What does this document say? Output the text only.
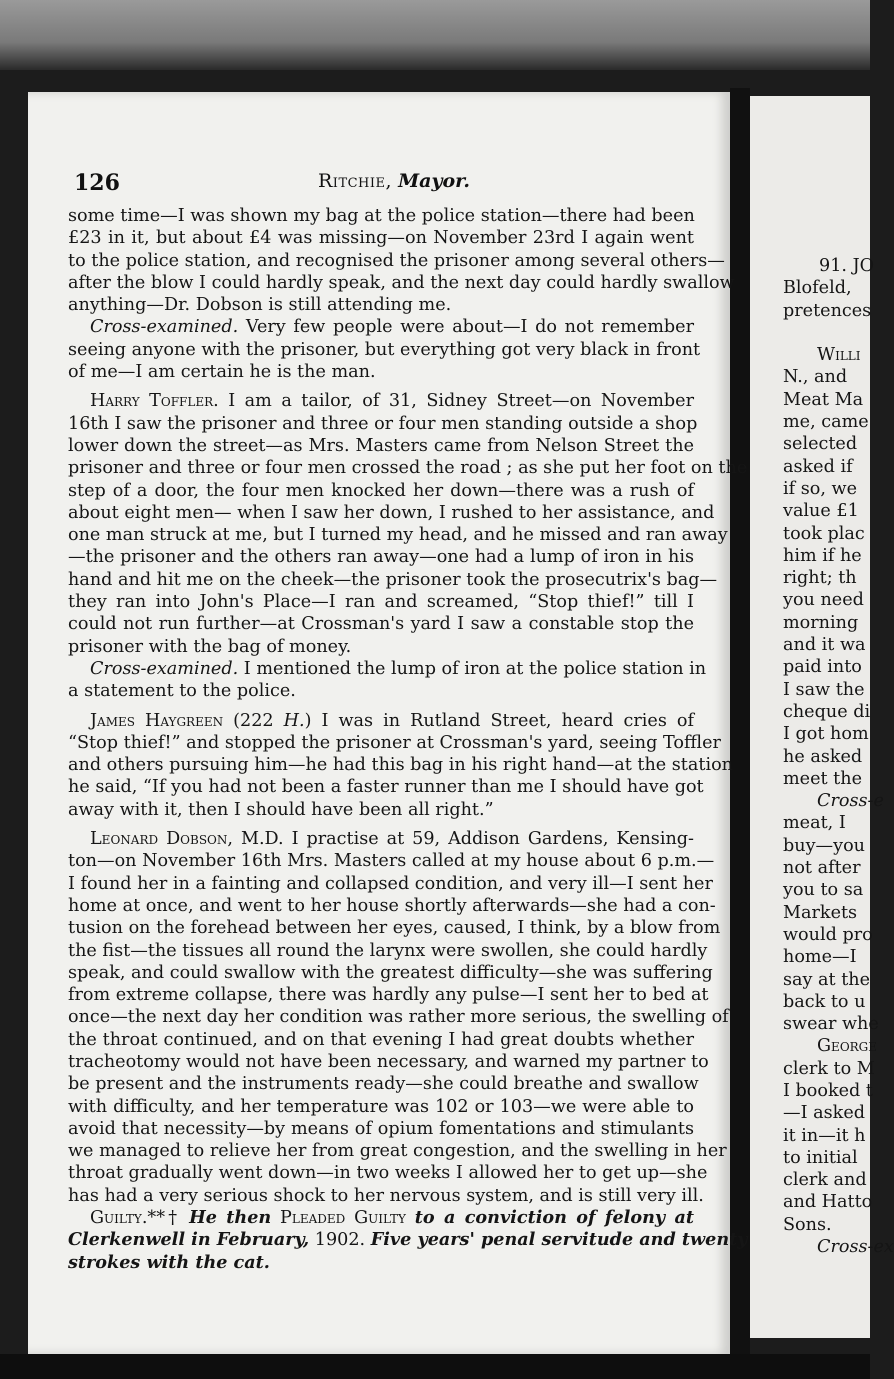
126	Ritchie, Mayor.
some time—I was shown my bag at the police station—there had been
£23 in it, but about £4 was missing—on November 23rd I again went
to the police station, and recognised the prisoner among several others—
after the blow I could hardly speak, and the next day could hardly swallow
anything—Dr. Dobson is still attending me.
Cross-examined. Very few people were about—I do not remember
seeing anyone with the prisoner, but everything got very black in front
of me—I am certain he is the man.
Harry Toffler. I am a tailor, of 31, Sidney Street—on November
16th I saw the prisoner and three or four men standing outside a shop
lower down the street—as Mrs. Masters came from Nelson Street the
prisoner and three or four men crossed the road ; as she put her foot on the
step of a door, the four men knocked her down—there was a rush of
about eight men— when I saw her down, I rushed to her assistance, and
one man struck at me, but I turned my head, and he missed and ran away
—the prisoner and the others ran away—one had a lump of iron in his
hand and hit me on the cheek—the prisoner took the prosecutrix's bag—
they ran into John's Place—I ran and screamed, “Stop thief!” till I
could not run further—at Crossman's yard I saw a constable stop the
prisoner with the bag of money.
Cross-examined. I mentioned the lump of iron at the police station in
a statement to the police.
James Haygreen (222 H.) I was in Rutland Street, heard cries of
“Stop thief!” and stopped the prisoner at Crossman's yard, seeing Toffler
and others pursuing him—he had this bag in his right hand—at the station
he said, “If you had not been a faster runner than me I should have got
away with it, then I should have been all right.”
Leonard Dobson, M.D. I practise at 59, Addison Gardens, Kensing-
ton—on November 16th Mrs. Masters called at my house about 6 p.m.—
I found her in a fainting and collapsed condition, and very ill—I sent her
home at once, and went to her house shortly afterwards—she had a con-
tusion on the forehead between her eyes, caused, I think, by a blow from
the fist—the tissues all round the larynx were swollen, she could hardly
speak, and could swallow with the greatest difficulty—she was suffering
from extreme collapse, there was hardly any pulse—I sent her to bed at
once—the next day her condition was rather more serious, the swelling of
the throat continued, and on that evening I had great doubts whether
tracheotomy would not have been necessary, and warned my partner to
be present and the instruments ready—she could breathe and swallow
with difficulty, and her temperature was 102 or 103—we were able to
avoid that necessity—by means of opium fomentations and stimulants
we managed to relieve her from great congestion, and the swelling in her
throat gradually went down—in two weeks I allowed her to get up—she
has had a very serious shock to her nervous system, and is still very ill.
Guilty.**† He then Pleaded Guilty to a conviction of felony at
Clerkenwell in February, 1902. Five years' penal servitude and twenty
strokes with the cat.
91. JO
Blofeld,
pretences
Willi
N., and
Meat Ma
me, came
selected
asked if
if so, we
value £1
took plac
him if he
right; th
you need
morning
and it wa
paid into
I saw the
cheque di
I got hom
he asked
meet the
Cross-e
meat, I
buy—you
not after
you to sa
Markets
would pro
home—I
say at the
back to u
swear whe
George
clerk to M
I booked t
—I asked
it in—it h
to initial
clerk and
and Hatto
Sons.
Cross-ex
